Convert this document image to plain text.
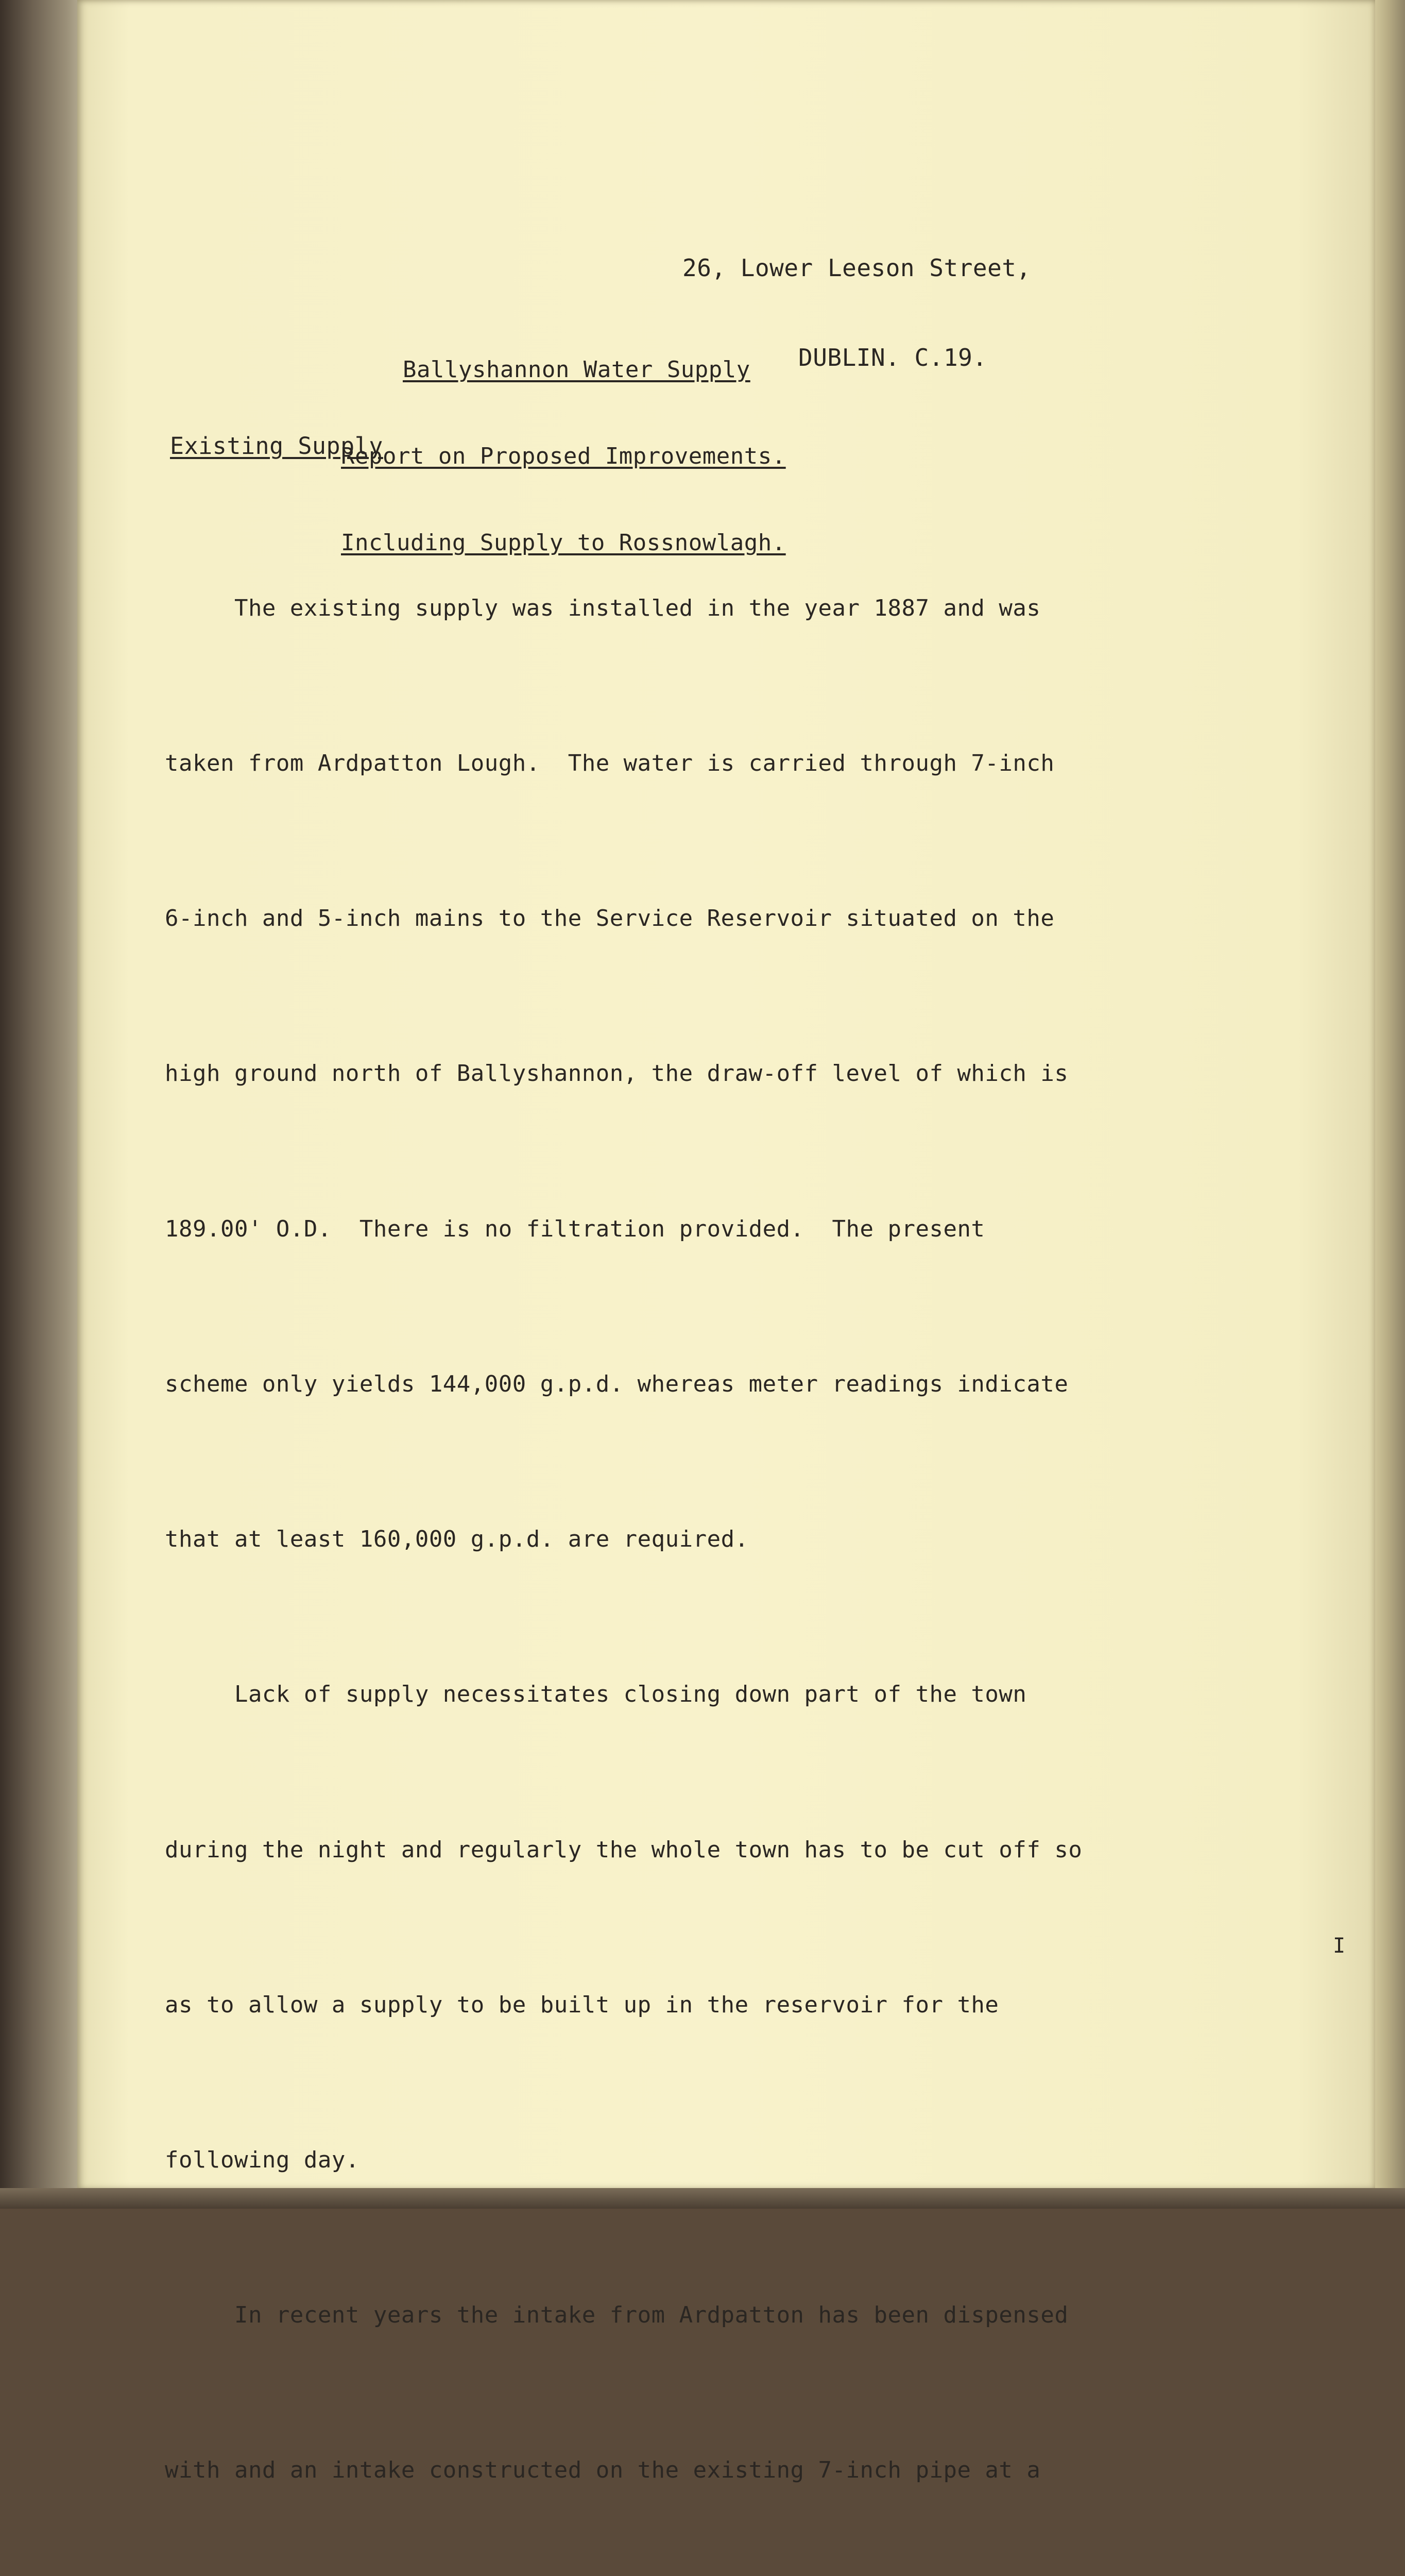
26, Lower Leeson Street,

DUBLIN. C.19.

Ballyshannon Water Supply

Report on Proposed Improvements.

Including Supply to Rossnowlagh.

Existing Supply

The existing supply was installed in the year 1887 and was

taken from Ardpatton Lough.  The water is carried through 7-inch

6-inch and 5-inch mains to the Service Reservoir situated on the

high ground north of Ballyshannon, the draw-off level of which is

189.00' O.D.  There is no filtration provided.  The present

scheme only yields 144,000 g.p.d. whereas meter readings indicate

that at least 160,000 g.p.d. are required.

Lack of supply necessitates closing down part of the town

during the night and regularly the whole town has to be cut off so

as to allow a supply to be built up in the reservoir for the

following day.

In recent years the intake from Ardpatton has been dispensed

with and an intake constructed on the existing 7-inch pipe at a

I
